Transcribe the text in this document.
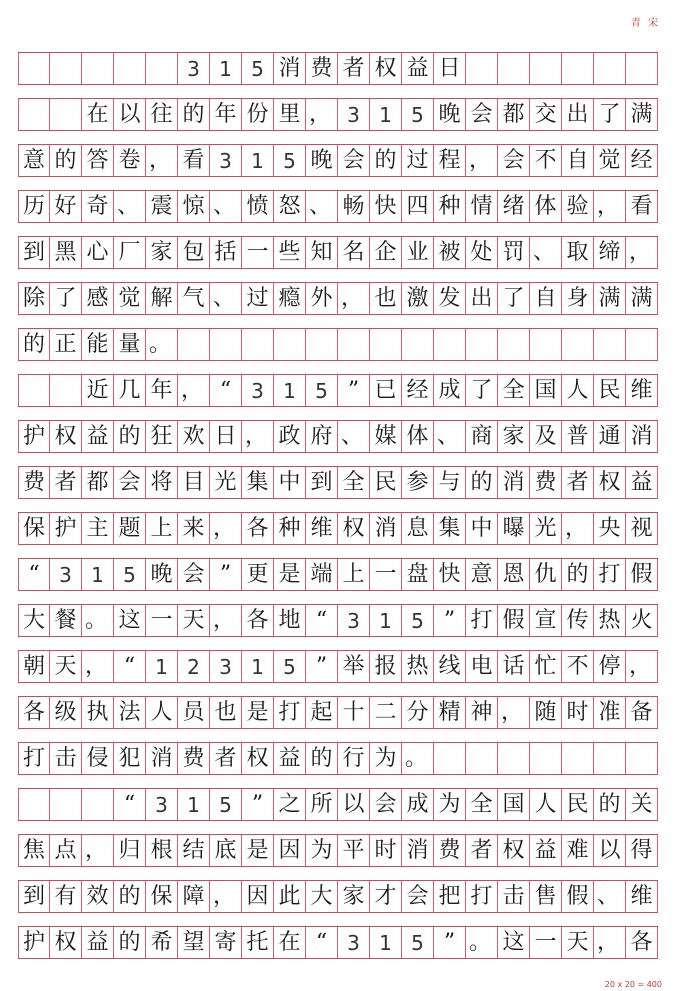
青 宋
3 1 5 消 费 者 权 益 日
在 以 往 的 年 份 里 ， 3 1 5 晚 会 都 交 出 了 满
意 的 答 卷 ， 看 3 1 5 晚 会 的 过 程 ， 会 不 自 觉 经
历 好 奇 、 震 惊 、 愤 怒 、 畅 快 四 种 情 绪 体 验 ， 看
到 黑 心 厂 家 包 括 一 些 知 名 企 业 被 处 罚 、 取 缔 ，
除 了 感 觉 解 气 、 过 瘾 外 ， 也 激 发 出 了 自 身 满 满
的 正 能 量 。
近 几 年 ， “	3 1 5 ” 已 经 成 了 全 国 人 民 维
护 权 益 的 狂 欢 日 ， 政 府 、 媒 体 、 商 家 及 普 通 消
费 者 都 会 将 目 光 集 中 到 全 民 参 与 的 消 费 者 权 益
保 护 主 题 上 来 ， 各 种 维 权 消 息 集 中 曝 光 ， 央 视
“ 3 1 5 晚 会 ” 更 是 端 上 一 盘 快 意 恩 仇 的 打 假
大 餐 。 这 一 天 ， 各 地 “	3 1 5 ” 打 假 宣 传 热 火
朝 天 ， “	1 2 3 1 5 ” 举 报 热 线 电 话 忙 不 停 ，
各 级 执 法 人 员 也 是 打 起 十 二 分 精 神 ， 随 时 准 备
打 击 侵 犯 消 费 者 权 益 的 行 为 。
“	3 1 5 ” 之 所 以 会 成 为 全 国 人 民 的 关
焦 点 ， 归 根 结 底 是 因 为 平 时 消 费 者 权 益 难 以 得
到 有 效 的 保 障 ， 因 此 大 家 才 会 把 打 击 售 假 、 维
护 权 益 的 希 望 寄 托 在 “	3 1 5 ” 。 这 一 天 ， 各
20 x 20 = 400
